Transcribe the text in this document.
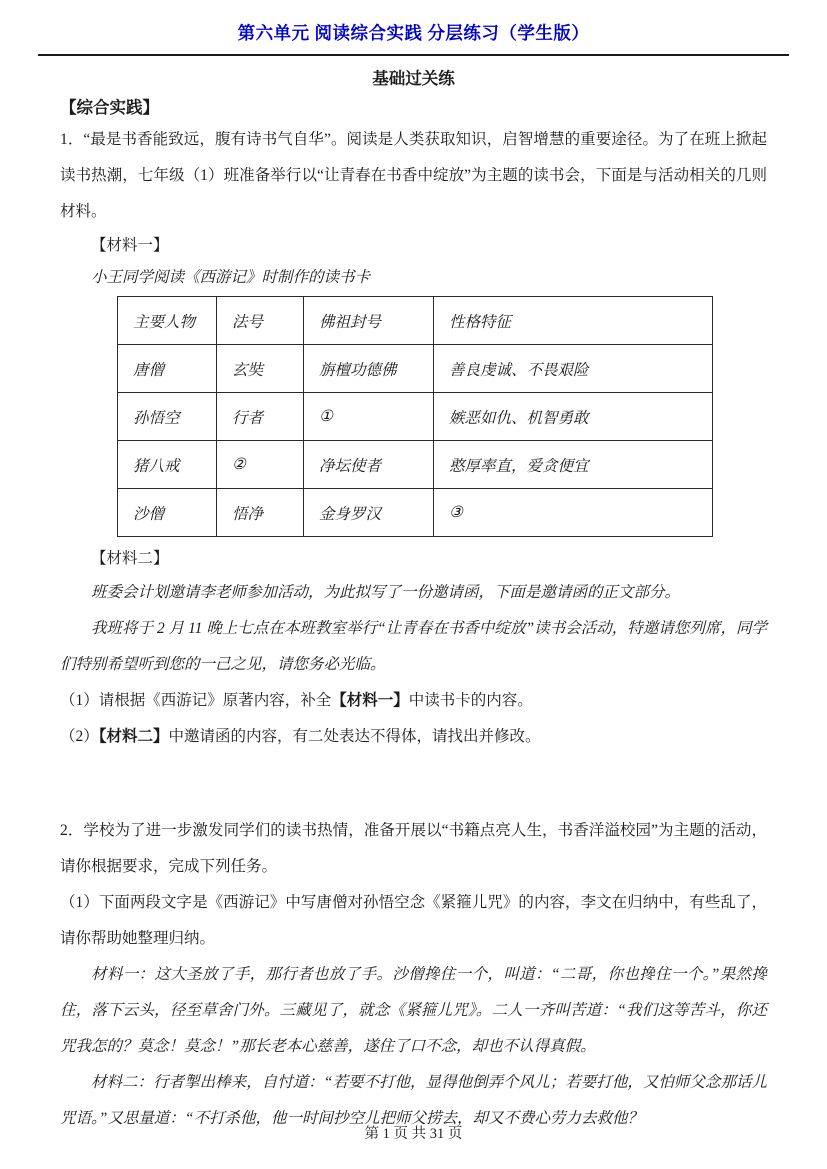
第六单元 阅读综合实践 分层练习（学生版）
基础过关练
【综合实践】

1．“最是书香能致远，腹有诗书气自华”。阅读是人类获取知识，启智增慧的重要途径。为了在班上掀起读书热潮，七年级（1）班准备举行以“让青春在书香中绽放”为主题的读书会，下面是与活动相关的几则材料。

【材料一】

小王同学阅读《西游记》时制作的读书卡

主要人物	法号	佛祖封号	性格特征
唐僧	玄奘	旃檀功德佛	善良虔诚、不畏艰险
孙悟空	行者	①	嫉恶如仇、机智勇敢
猪八戒	②	净坛使者	憨厚率直，爱贪便宜
沙僧	悟净	金身罗汉	③

【材料二】

班委会计划邀请李老师参加活动，为此拟写了一份邀请函，下面是邀请函的正文部分。

我班将于 2 月 11 晚上七点在本班教室举行“让青春在书香中绽放”读书会活动，特邀请您列席，同学们特别希望听到您的一己之见，请您务必光临。

（1）请根据《西游记》原著内容，补全【材料一】中读书卡的内容。

（2）【材料二】中邀请函的内容，有二处表达不得体，请找出并修改。

2．学校为了进一步激发同学们的读书热情，准备开展以“书籍点亮人生，书香洋溢校园”为主题的活动，请你根据要求，完成下列任务。

（1）下面两段文字是《西游记》中写唐僧对孙悟空念《紧箍儿咒》的内容，李文在归纳中，有些乱了，请你帮助她整理归纳。

材料一：这大圣放了手，那行者也放了手。沙僧搀住一个，叫道：“二哥，你也搀住一个。”果然搀住，落下云头，径至草舍门外。三藏见了，就念《紧箍儿咒》。二人一齐叫苦道：“我们这等苦斗，你还咒我怎的？莫念！莫念！”那长老本心慈善，遂住了口不念，却也不认得真假。

材料二：行者掣出棒来，自忖道：“若要不打他，显得他倒弄个风儿；若要打他，又怕师父念那话儿咒语。”又思量道：“不打杀他，他一时间抄空儿把师父捞去，却又不费心劳力去救他？

第 1 页 共 31 页
